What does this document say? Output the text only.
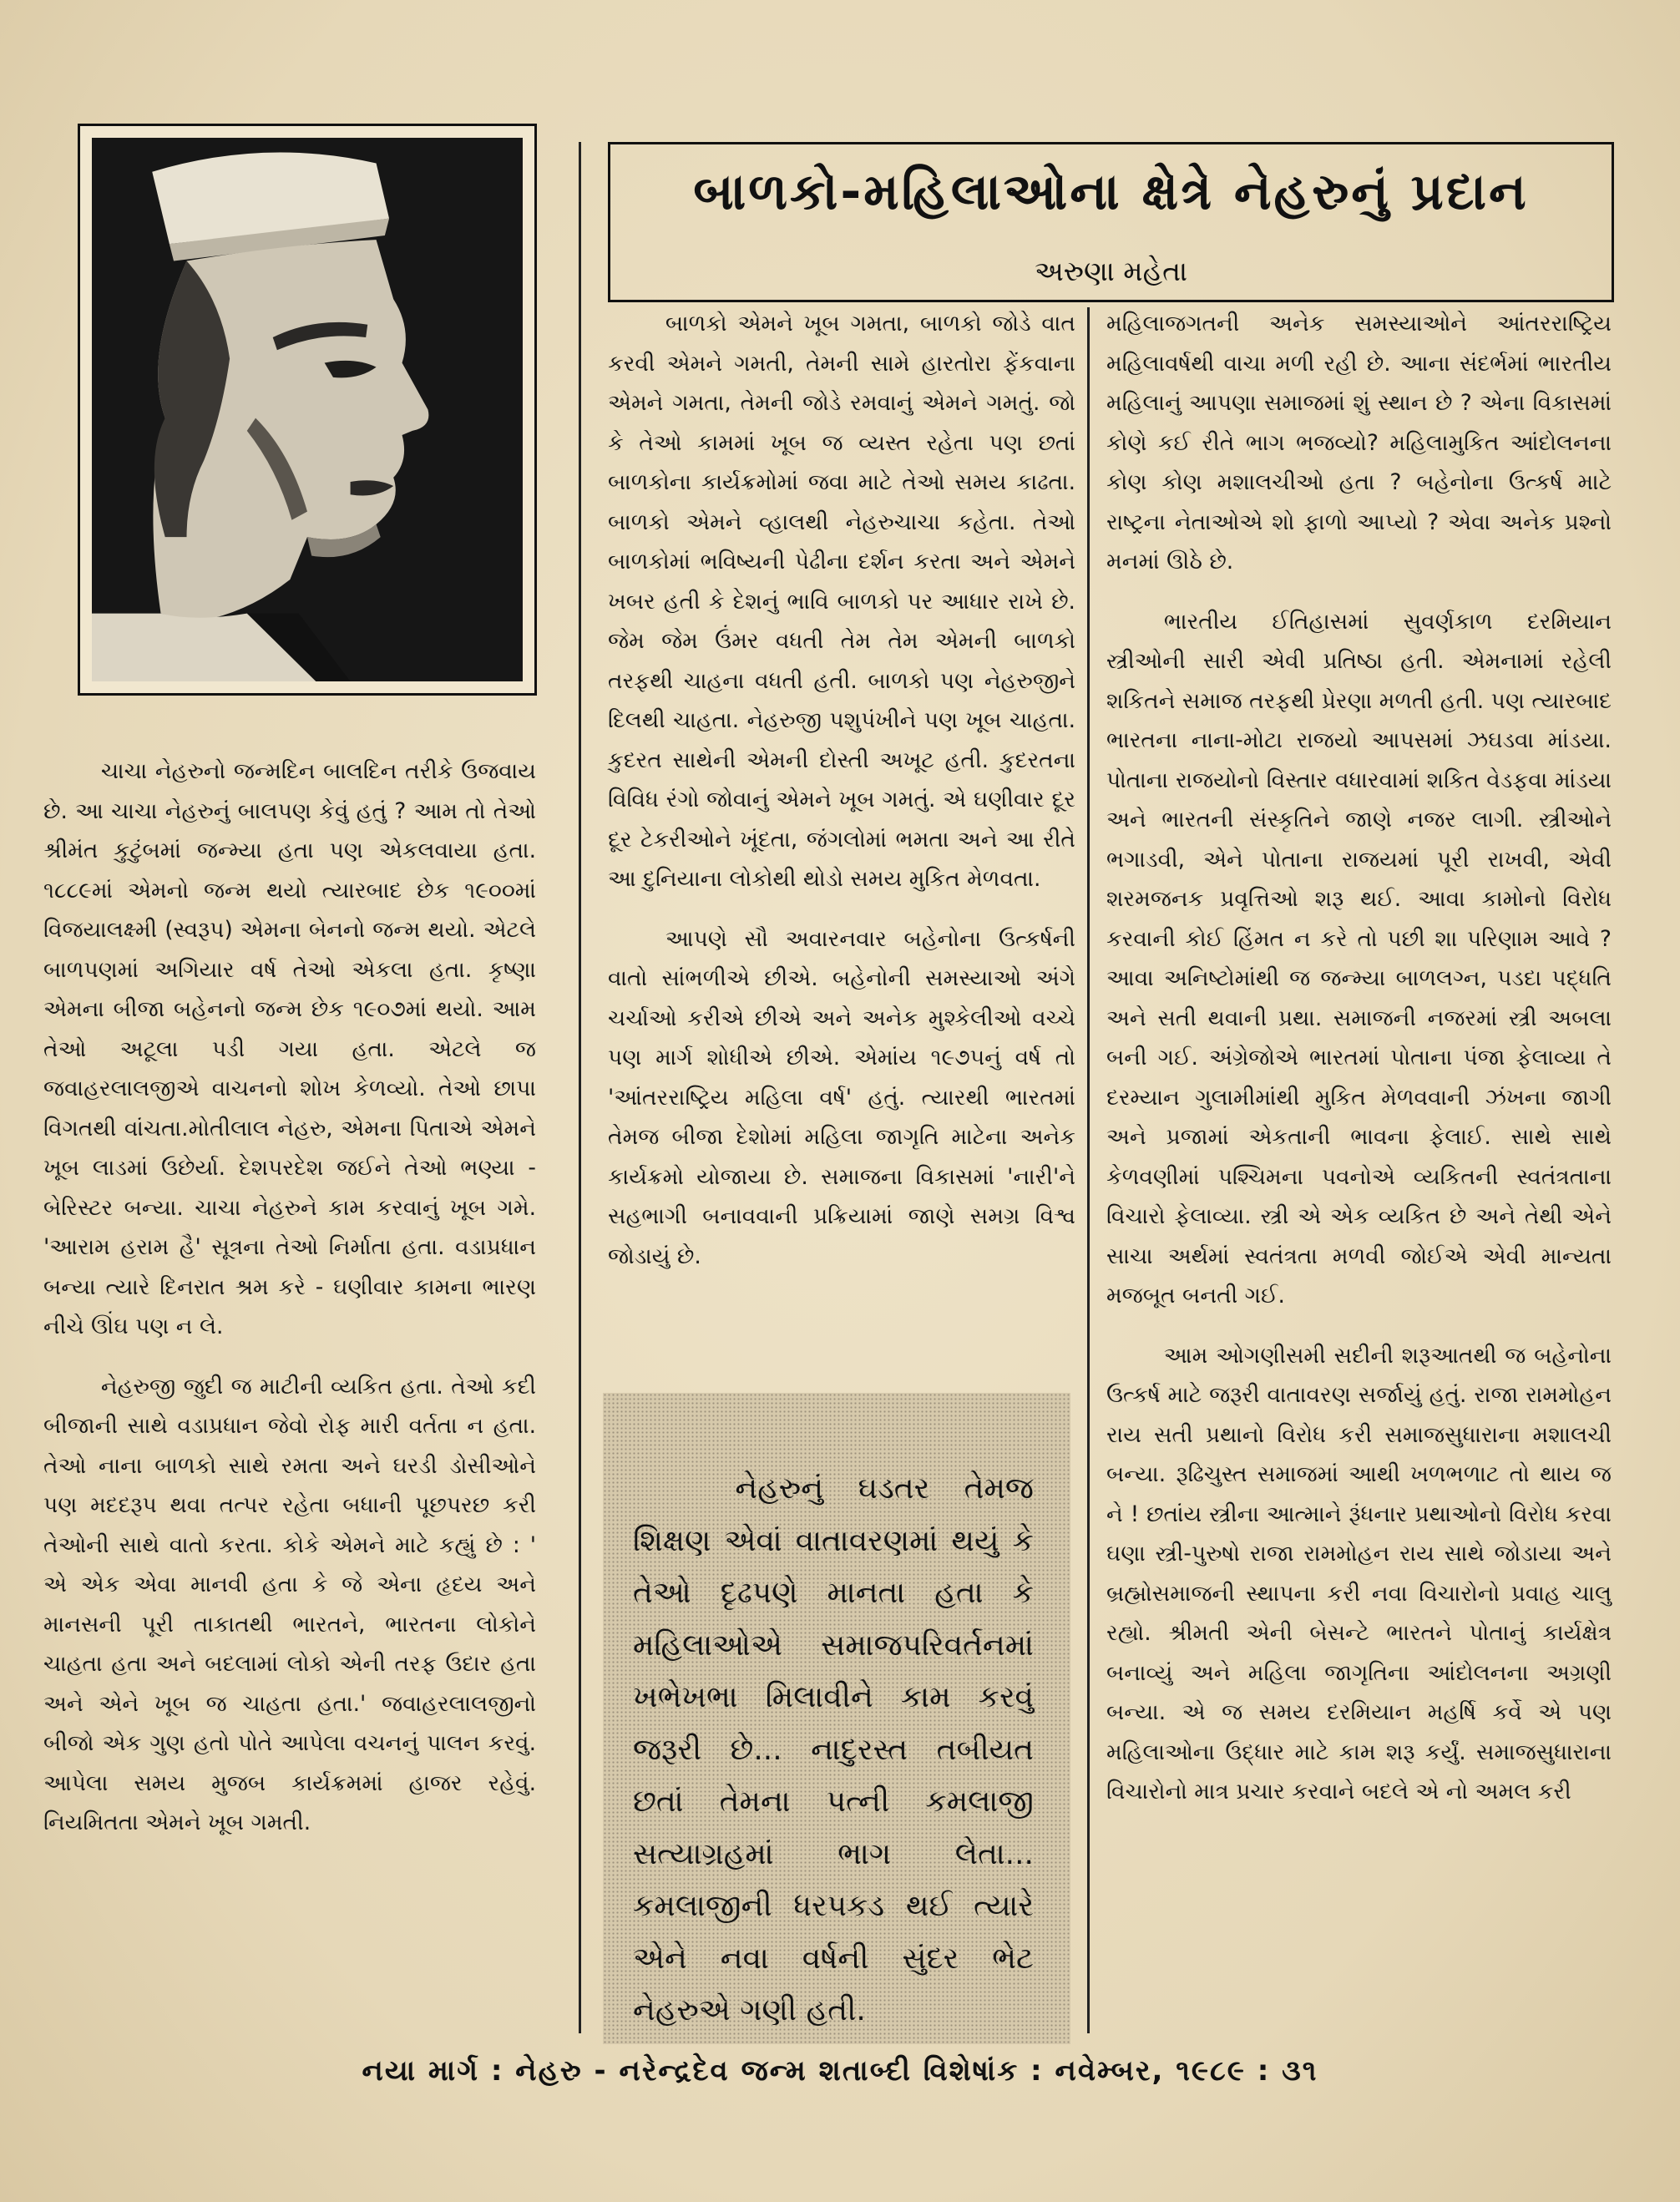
બાળકો-મહિલાઓના ક્ષેત્રે નેહરુનું પ્રદાન
અરુણા મહેતા

ચાચા નેહરુનો જન્મદિન બાલદિન તરીકે ઉજવાય છે. આ ચાચા નેહરુનું બાલપણ કેવું હતું ? આમ તો તેઓ શ્રીમંત કુટુંબમાં જન્મ્યા હતા પણ એકલવાયા હતા. ૧૮૮૯માં એમનો જન્મ થયો ત્યારબાદ છેક ૧૯૦૦માં વિજયાલક્ષ્મી (સ્વરૂપ) એમના બેનનો જન્મ થયો. એટલે બાળપણમાં અગિયાર વર્ષ તેઓ એકલા હતા. કૃષ્ણા એમના બીજા બહેનનો જન્મ છેક ૧૯૦૭માં થયો. આમ તેઓ અટૂલા પડી ગયા હતા. એટલે જ જવાહરલાલજીએ વાચનનો શોખ કેળવ્યો. તેઓ છાપા વિગતથી વાંચતા.મોતીલાલ નેહરુ, એમના પિતાએ એમને ખૂબ લાડમાં ઉછેર્યા. દેશપરદેશ જઈને તેઓ ભણ્યા - બેરિસ્ટર બન્યા. ચાચા નેહરુને કામ કરવાનું ખૂબ ગમે. 'આરામ હરામ હૈ' સૂત્રના તેઓ નિર્માતા હતા. વડાપ્રધાન બન્યા ત્યારે દિનરાત શ્રમ કરે - ઘણીવાર કામના ભારણ નીચે ઊંઘ પણ ન લે.

નેહરુજી જુદી જ માટીની વ્યકિત હતા. તેઓ કદી બીજાની સાથે વડાપ્રધાન જેવો રોફ મારી વર્તતા ન હતા. તેઓ નાના બાળકો સાથે રમતા અને ઘરડી ડોસીઓને પણ મદદરૂપ થવા તત્પર રહેતા બધાની પૂછપરછ કરી તેઓની સાથે વાતો કરતા. કોકે એમને માટે કહ્યું છે : ' એ એક એવા માનવી હતા કે જે એના હૃદય અને માનસની પૂરી તાકાતથી ભારતને, ભારતના લોકોને ચાહતા હતા અને બદલામાં લોકો એની તરફ ઉદાર હતા અને એને ખૂબ જ ચાહતા હતા.' જવાહરલાલજીનો બીજો એક ગુણ હતો પોતે આપેલા વચનનું પાલન કરવું. આપેલા સમય મુજબ કાર્યક્રમમાં હાજર રહેવું. નિયમિતતા એમને ખૂબ ગમતી.

બાળકો એમને ખૂબ ગમતા, બાળકો જોડે વાત કરવી એમને ગમતી, તેમની સામે હારતોરા ફેંકવાના એમને ગમતા, તેમની જોડે રમવાનું એમને ગમતું. જો કે તેઓ કામમાં ખૂબ જ વ્યસ્ત રહેતા પણ છતાં બાળકોના કાર્યક્રમોમાં જવા માટે તેઓ સમય કાઢતા. બાળકો એમને વ્હાલથી નેહરુચાચા કહેતા. તેઓ બાળકોમાં ભવિષ્યની પેઢીના દર્શન કરતા અને એમને ખબર હતી કે દેશનું ભાવિ બાળકો પર આધાર રાખે છે. જેમ જેમ ઉંમર વધતી તેમ તેમ એમની બાળકો તરફથી ચાહના વધતી હતી. બાળકો પણ નેહરુજીને દિલથી ચાહતા. નેહરુજી પશુપંખીને પણ ખૂબ ચાહતા. કુદરત સાથેની એમની દોસ્તી અખૂટ હતી. કુદરતના વિવિધ રંગો જોવાનું એમને ખૂબ ગમતું. એ ઘણીવાર દૂર દૂર ટેકરીઓને ખૂંદતા, જંગલોમાં ભમતા અને આ રીતે આ દુનિયાના લોકોથી થોડો સમય મુકિત મેળવતા.

આપણે સૌ અવારનવાર બહેનોના ઉત્કર્ષની વાતો સાંભળીએ છીએ. બહેનોની સમસ્યાઓ અંગે ચર્ચાઓ કરીએ છીએ અને અનેક મુશ્કેલીઓ વચ્ચે પણ માર્ગ શોધીએ છીએ. એમાંય ૧૯૭૫નું વર્ષ તો 'આંતરરાષ્ટ્રિય મહિલા વર્ષ' હતું. ત્યારથી ભારતમાં તેમજ બીજા દેશોમાં મહિલા જાગૃતિ માટેના અનેક કાર્યક્રમો યોજાયા છે. સમાજના વિકાસમાં 'નારી'ને સહભાગી બનાવવાની પ્રક્રિયામાં જાણે સમગ્ર વિશ્વ જોડાયું છે.

મહિલાજગતની અનેક સમસ્યાઓને આંતરરાષ્ટ્રિય મહિલાવર્ષથી વાચા મળી રહી છે. આના સંદર્ભમાં ભારતીય મહિલાનું આપણા સમાજમાં શું સ્થાન છે ? એના વિકાસમાં કોણે કઈ રીતે ભાગ ભજવ્યો? મહિલામુકિત આંદોલનના કોણ કોણ મશાલચીઓ હતા ? બહેનોના ઉત્કર્ષ માટે રાષ્ટ્રના નેતાઓએ શો ફાળો આપ્યો ? એવા અનેક પ્રશ્નો મનમાં ઊઠે છે.

ભારતીય ઈતિહાસમાં સુવર્ણકાળ દરમિયાન સ્ત્રીઓની સારી એવી પ્રતિષ્ઠા હતી. એમનામાં રહેલી શકિતને સમાજ તરફથી પ્રેરણા મળતી હતી. પણ ત્યારબાદ ભારતના નાના-મોટા રાજયો આપસમાં ઝઘડવા માંડયા. પોતાના રાજયોનો વિસ્તાર વધારવામાં શકિત વેડફવા માંડયા અને ભારતની સંસ્કૃતિને જાણે નજર લાગી. સ્ત્રીઓને ભગાડવી, એને પોતાના રાજયમાં પૂરી રાખવી, એવી શરમજનક પ્રવૃત્તિઓ શરૂ થઈ. આવા કામોનો વિરોધ કરવાની કોઈ હિંમત ન કરે તો પછી શા પરિણામ આવે ? આવા અનિષ્ટોમાંથી જ જન્મ્યા બાળલગ્ન, પડદા પદ્ધતિ અને સતી થવાની પ્રથા. સમાજની નજરમાં સ્ત્રી અબલા બની ગઈ. અંગ્રેજોએ ભારતમાં પોતાના પંજા ફેલાવ્યા તે દરમ્યાન ગુલામીમાંથી મુકિત મેળવવાની ઝંખના જાગી અને પ્રજામાં એકતાની ભાવના ફેલાઈ. સાથે સાથે કેળવણીમાં પશ્ચિમના પવનોએ વ્યકિતની સ્વતંત્રતાના વિચારો ફેલાવ્યા. સ્ત્રી એ એક વ્યકિત છે અને તેથી એને સાચા અર્થમાં સ્વતંત્રતા મળવી જોઈએ એવી માન્યતા મજબૂત બનતી ગઈ.

આમ ઓગણીસમી સદીની શરૂઆતથી જ બહેનોના ઉત્કર્ષ માટે જરૂરી વાતાવરણ સર્જાયું હતું. રાજા રામમોહન રાય સતી પ્રથાનો વિરોધ કરી સમાજસુધારાના મશાલચી બન્યા. રૂઢિચુસ્ત સમાજમાં આથી ખળભળાટ તો થાય જ ને ! છતાંય સ્ત્રીના આત્માને રૂંધનાર પ્રથાઓનો વિરોધ કરવા ઘણા સ્ત્રી-પુરુષો રાજા રામમોહન રાય સાથે જોડાયા અને બ્રહ્મોસમાજની સ્થાપના કરી નવા વિચારોનો પ્રવાહ ચાલુ રહ્યો. શ્રીમતી એની બેસન્ટે ભારતને પોતાનું કાર્યક્ષેત્ર બનાવ્યું અને મહિલા જાગૃતિના આંદોલનના અગ્રણી બન્યા. એ જ સમય દરમિયાન મહર્ષિ કર્વે એ પણ મહિલાઓના ઉદ્ધાર માટે કામ શરૂ કર્યું. સમાજસુધારાના વિચારોનો માત્ર પ્રચાર કરવાને બદલે એ નો અમલ કરી

નેહરુનું ઘડતર તેમજ શિક્ષણ એવાં વાતાવરણમાં થયું કે તેઓ દૃઢપણે માનતા હતા કે મહિલાઓએ સમાજપરિવર્તનમાં ખભેખભા મિલાવીને કામ કરવું જરૂરી છે... નાદુરસ્ત તબીયત છતાં તેમના પત્ની કમલાજી સત્યાગ્રહમાં ભાગ લેતા... કમલાજીની ધરપકડ થઈ ત્યારે એને નવા વર્ષની સુંદર ભેટ નેહરુએ ગણી હતી.
નયા માર્ગ : નેહરુ - નરેન્દ્રદેવ જન્મ શતાબ્દી વિશેષાંક : નવેમ્બર, ૧૯૮૯ : ૩૧
